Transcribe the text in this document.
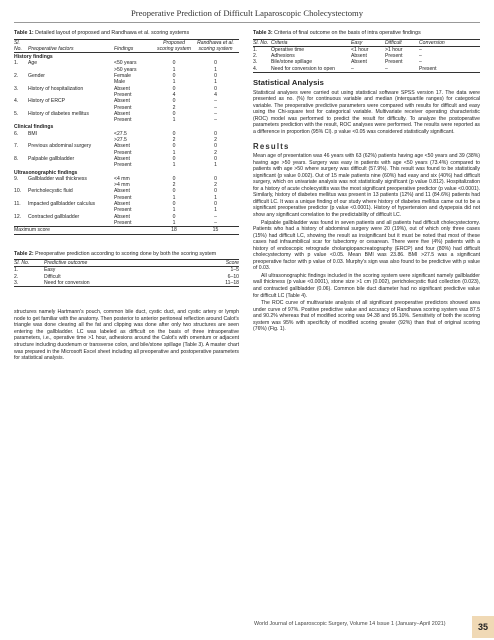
Preoperative Prediction of Difficult Laparoscopic Cholecystectomy
Table 1: Detailed layout of proposed and Randhawa et al. scoring systems
Sl. No.	Preoperative factors	Findings	Proposed scoring system	Randhawa et al. scoring system
History findings				
1.	Age	<50 years	0	0
		>50 years	1	1
2.	Gender	Female	0	0
		Male	1	1
3.	History of hospitalization	Absent	0	0
		Present	4	4
4.	History of ERCP	Absent	0	–
		Present	2	–
5.	History of diabetes mellitus	Absent	0	–
		Present	1	–
Clinical findings				
6.	BMI	<27.5	0	0
		>27.5	2	2
7.	Previous abdominal surgery	Absent	0	0
		Present	1	2
8.	Palpable gallbladder	Absent	0	0
		Present	1	1
Ultrasonographic findings				
9.	Gallbladder wall thickness	<4 mm	0	0
		>4 mm	2	2
10.	Pericholecystic fluid	Absent	0	0
		Present	1	1
11.	Impacted gallbladder calculus	Absent	0	0
		Present	1	1
12.	Contracted gallbladder	Absent	0	–
		Present	1	–
Maximum score			18	15
Table 2: Preoperative prediction according to scoring done by both the scoring system
Sl. No.	Predictive outcome	Score
1.	Easy	1–5
2.	Difficult	6–10
3.	Need for conversion	11–18

structures namely Hartmann's pouch, common bile duct, cystic duct, and cystic artery or lymph node to get familiar with the anatomy. Then posterior to anterior peritoneal reflection around Calot's triangle was done clearing all the fat and clipping was done after only two structures are seen entering the gallbladder. LC was labeled as difficult on the basis of three intraoperative parameters, i.e., operative time >1 hour, adhesions around the Calot's with omentum or adjacent structure including duodenum or transverse colon, and bile/stone spillage (Table 3). A master chart was prepared in the Microsoft Excel sheet including all preoperative and postoperative parameters for statistical analysis.

Table 3: Criteria of final outcome on the basis of intra operative findings
Sl. No.	Criteria	Easy	Difficult	Conversion
1.	Operative time	<1 hour	>1 hour	–
2.	Adhesions	Absent	Present	–
3.	Bile/stone spillage	Absent	Present	–
4.	Need for conversion to open	–	–	Present
Statistical Analysis

Statistical analyses were carried out using statistical software SPSS version 17. The data were presented as no. (%) for continuous variable and median (interquartile ranges) for categorical variable. The preoperative predictive parameters were compared with results for difficult and easy using the Chi-square test for categorical variable. Multivariate receiver operating characteristic (ROC) model was performed to predict the result for difficulty. To analyze the postoperative parameters prediction with the result, ROC analyses were performed. The results were reported as a difference in proportion (95% CI). p value <0.05 was considered statistically significant.

Results

Mean age of presentation was 46 years with 63 (62%) patients having age <50 years and 39 (38%) having age >50 years. Surgery was easy in patients with age <50 years (73.4%) compared to patients with age >50 where surgery was difficult (57.9%). This result was found to be statistically significant (p value 0.002). Out of 15 male patients nine (60%) had easy and six (40%) had difficult surgery, which on univariate analysis was not statistically significant (p value 0.812). Hospitalization for a history of acute cholecystitis was the most significant preoperative predictor (p value <0.0001). Similarly, history of diabetes mellitus was present in 13 patients (12%) and 11 (84.6%) patients had difficult LC. It was a unique finding of our study where history of diabetes mellitus came out to be a significant preoperative predictor (p value <0.0001). History of hypertension and dyspepsia did not show any significant correlation to the predictability of difficult LC.

Palpable gallbladder was found in seven patients and all patients had difficult cholecystectomy. Patients who had a history of abdominal surgery were 20 (19%), out of which only three cases (15%) had difficult LC, showing the result as insignificant but it must be noted that most of these cases had infraumbilical scar for tubectomy or cesarean. There were five (4%) patients with a history of endoscopic retrograde cholangiopancreatography (ERCP) and four (80%) had difficult cholecystectomy with p value <0.05. Mean BMI was 23.86. BMI >27.5 was a significant preoperative factor with p value of 0.03. Murphy's sign was also found to be predictive with p value of 0.03.

All ultrasonographic findings included in the scoring system were significant namely gallbladder wall thickness (p value <0.0001), stone size >1 cm (0.002), pericholecystic fluid collection (0.023), and contracted gallbladder (0.06). Common bile duct diameter had no significant predictive value for difficult LC (Table 4).

The ROC curve of multivariate analysis of all significant preoperative predictors showed area under curve of 97%. Positive predictive value and accuracy of Randhawa scoring system was 87.5 and 90.2% whereas that of modified scoring was 94.38 and 95.10%. Sensitivity of both the scoring system was 95% with specificity of modified scoring greater (92%) than that of original scoring (76%) (Fig. 1).

World Journal of Laparoscopic Surgery, Volume 14 Issue 1 (January–April 2021)	35
